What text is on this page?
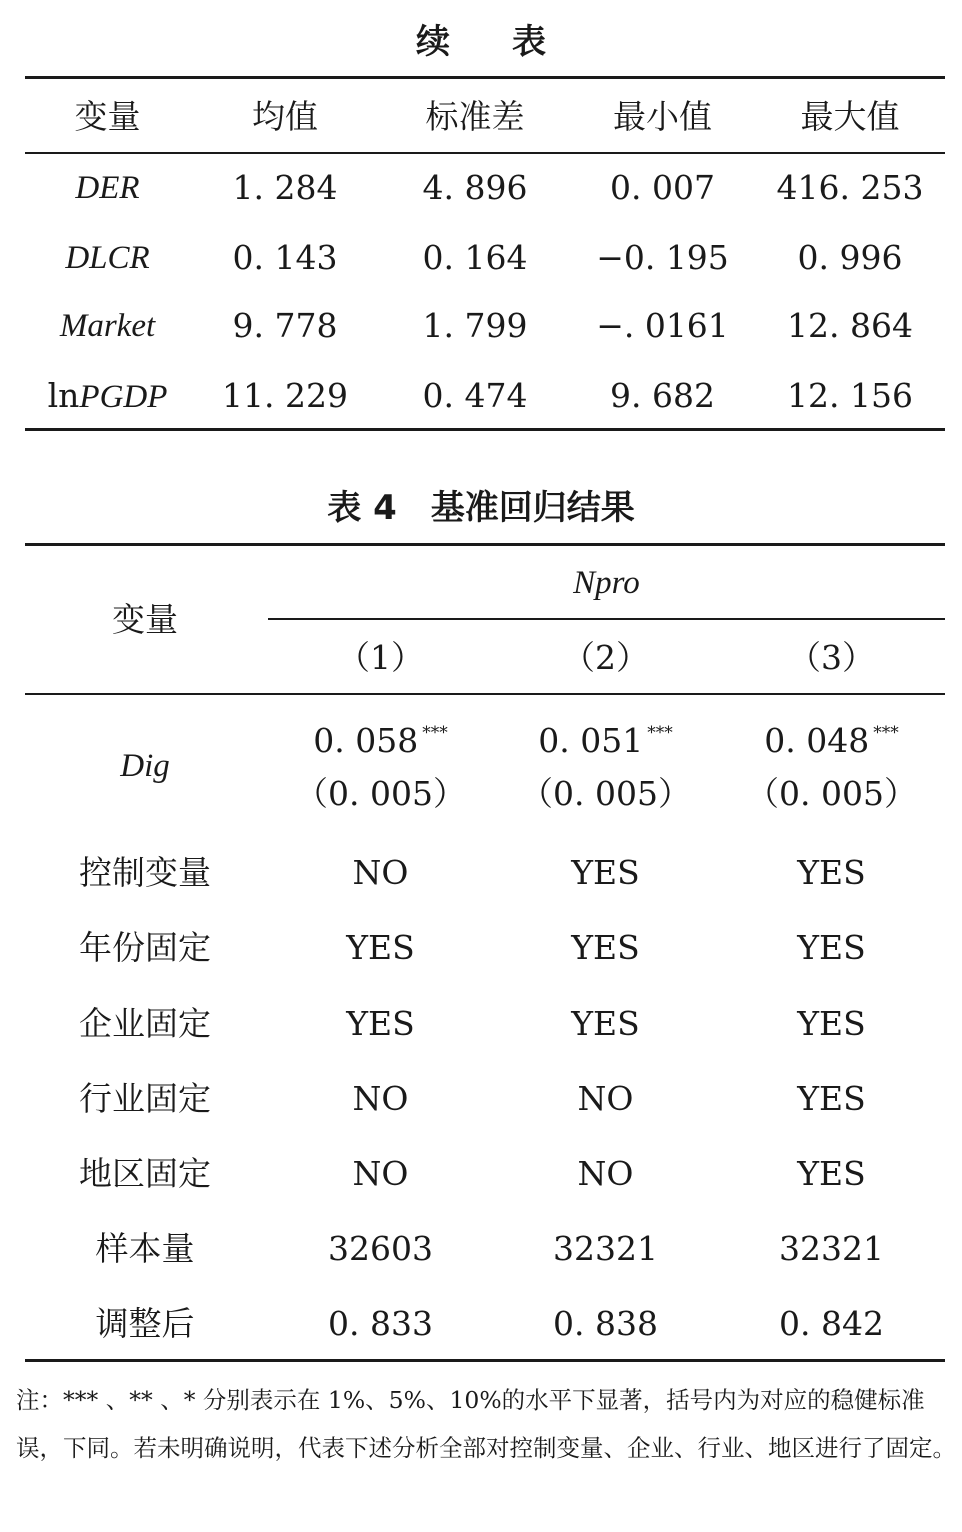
续表
变量	均值	标准差	最小值	最大值
DER	1. 284	4. 896	0. 007	416. 253
DLCR	0. 143	0. 164	−0. 195	0. 996
Market	9. 778	1. 799	−. 0161	12. 864
lnPGDP	11. 229	0. 474	9. 682	12. 156
表 4　基准回归结果
变量
Npro
（1）	（2）	（3）
Dig
0. 058 ***	0. 051 ***	0. 048 ***
（0. 005）	（0. 005）	（0. 005）
控制变量	NO	YES	YES
年份固定	YES	YES	YES
企业固定	YES	YES	YES
行业固定	NO	NO	YES
地区固定	NO	NO	YES
样本量	32603	32321	32321
调整后	0. 833	0. 838	0. 842
注：*** 、** 、* 分别表示在 1%、5%、10%的水平下显著，括号内为对应的稳健标准误，下同。若未明确说明，代表下述分析全部对控制变量、企业、行业、地区进行了固定。
